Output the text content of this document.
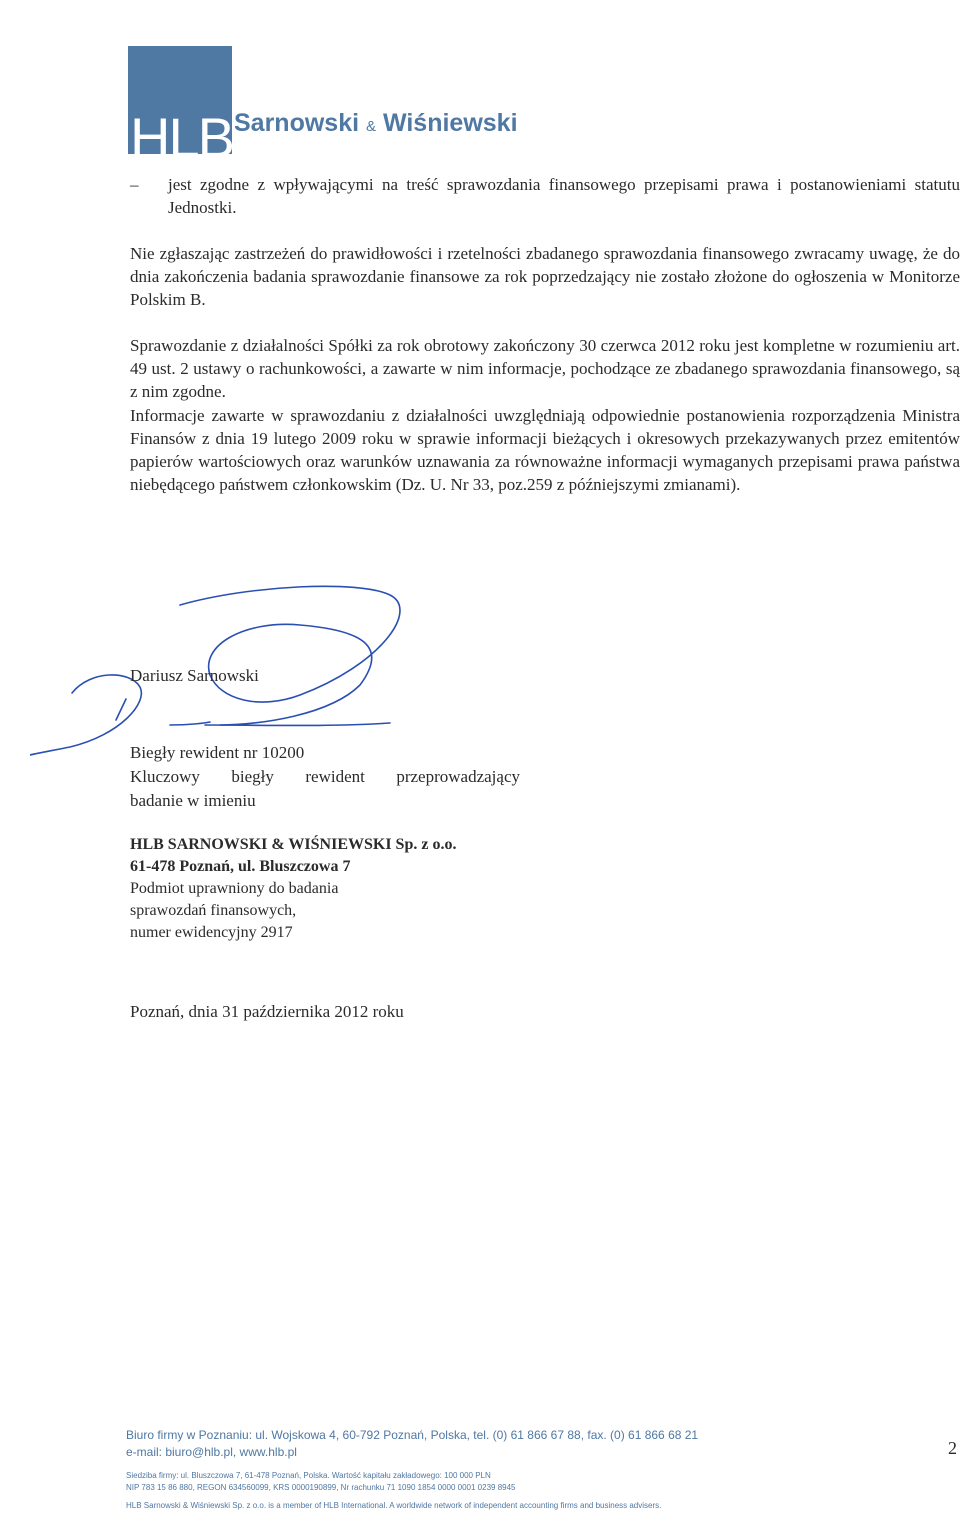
HLB Sarnowski & Wiśniewski
– jest zgodne z wpływającymi na treść sprawozdania finansowego przepisami prawa i postanowieniami statutu Jednostki.
Nie zgłaszając zastrzeżeń do prawidłowości i rzetelności zbadanego sprawozdania finansowego zwracamy uwagę, że do dnia zakończenia badania sprawozdanie finansowe za rok poprzedzający nie zostało złożone do ogłoszenia w Monitorze Polskim B.
Sprawozdanie z działalności Spółki za rok obrotowy zakończony 30 czerwca 2012 roku jest kompletne w rozumieniu art. 49 ust. 2 ustawy o rachunkowości, a zawarte w nim informacje, pochodzące ze zbadanego sprawozdania finansowego, są z nim zgodne.
Informacje zawarte w sprawozdaniu z działalności uwzględniają odpowiednie postanowienia rozporządzenia Ministra Finansów z dnia 19 lutego 2009 roku w sprawie informacji bieżących i okresowych przekazywanych przez emitentów papierów wartościowych oraz warunków uznawania za równoważne informacji wymaganych przepisami prawa państwa niebędącego państwem członkowskim (Dz. U. Nr 33, poz.259 z późniejszymi zmianami).
Dariusz Sarnowski
Biegły rewident nr 10200
Kluczowy biegły rewident przeprowadzający
badanie w imieniu
HLB SARNOWSKI & WIŚNIEWSKI Sp. z o.o.
61-478 Poznań, ul. Bluszczowa 7
Podmiot uprawniony do badania
sprawozdań finansowych,
numer ewidencyjny 2917
Poznań, dnia 31 października 2012 roku
Biuro firmy w Poznaniu: ul. Wojskowa 4, 60-792 Poznań, Polska, tel. (0) 61 866 67 88, fax. (0) 61 866 68 21
e-mail: biuro@hlb.pl, www.hlb.pl
Siedziba firmy: ul. Bluszczowa 7, 61-478 Poznań, Polska. Wartość kapitału zakładowego: 100 000 PLN
NIP 783 15 86 880, REGON 634560099, KRS 0000190899, Nr rachunku 71 1090 1854 0000 0001 0239 8945
HLB Sarnowski & Wiśniewski Sp. z o.o. is a member of HLB International. A worldwide network of independent accounting firms and business advisers.
2
